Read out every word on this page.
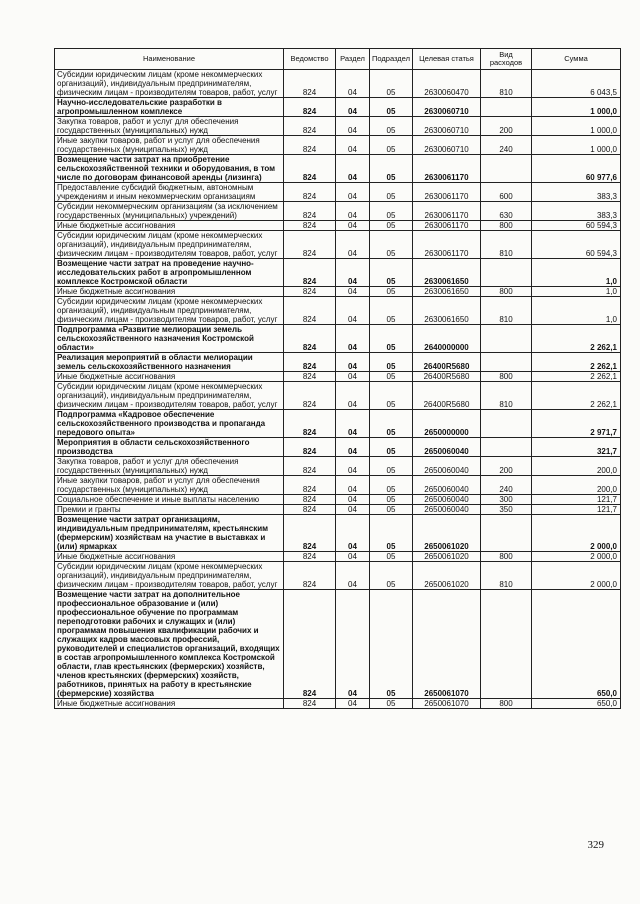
Наименование	Ведомство	Раздел	Подраздел	Целевая статья	Вид расходов	Сумма
Субсидии юридическим лицам (кроме некоммерческих организаций), индивидуальным предпринимателям, физическим лицам - производителям товаров, работ, услуг	824	04	05	2630060470	810	6 043,5
Научно-исследовательские разработки в агропромышленном комплексе	824	04	05	2630060710		1 000,0
Закупка товаров, работ и услуг для обеспечения государственных (муниципальных) нужд	824	04	05	2630060710	200	1 000,0
Иные закупки товаров, работ и услуг для обеспечения государственных (муниципальных) нужд	824	04	05	2630060710	240	1 000,0
Возмещение части затрат на приобретение сельскохозяйственной техники и оборудования, в том числе по договорам финансовой аренды (лизинга)	824	04	05	2630061170		60 977,6
Предоставление субсидий бюджетным, автономным учреждениям и иным некоммерческим организациям	824	04	05	2630061170	600	383,3
Субсидии некоммерческим организациям (за исключением государственных (муниципальных) учреждений)	824	04	05	2630061170	630	383,3
Иные бюджетные ассигнования	824	04	05	2630061170	800	60 594,3
Субсидии юридическим лицам (кроме некоммерческих организаций), индивидуальным предпринимателям, физическим лицам - производителям товаров, работ, услуг	824	04	05	2630061170	810	60 594,3
Возмещение части затрат на проведение научно-исследовательских работ в агропромышленном комплексе Костромской области	824	04	05	2630061650		1,0
Иные бюджетные ассигнования	824	04	05	2630061650	800	1,0
Субсидии юридическим лицам (кроме некоммерческих организаций), индивидуальным предпринимателям, физическим лицам - производителям товаров, работ, услуг	824	04	05	2630061650	810	1,0
Подпрограмма «Развитие мелиорации земель сельскохозяйственного назначения Костромской области»	824	04	05	2640000000		2 262,1
Реализация мероприятий в области мелиорации земель сельскохозяйственного назначения	824	04	05	26400R5680		2 262,1
Иные бюджетные ассигнования	824	04	05	26400R5680	800	2 262,1
Субсидии юридическим лицам (кроме некоммерческих организаций), индивидуальным предпринимателям, физическим лицам - производителям товаров, работ, услуг	824	04	05	26400R5680	810	2 262,1
Подпрограмма «Кадровое обеспечение сельскохозяйственного производства и пропаганда передового опыта»	824	04	05	2650000000		2 971,7
Мероприятия в области сельскохозяйственного производства	824	04	05	2650060040		321,7
Закупка товаров, работ и услуг для обеспечения государственных (муниципальных) нужд	824	04	05	2650060040	200	200,0
Иные закупки товаров, работ и услуг для обеспечения государственных (муниципальных) нужд	824	04	05	2650060040	240	200,0
Социальное обеспечение и иные выплаты населению	824	04	05	2650060040	300	121,7
Премии и гранты	824	04	05	2650060040	350	121,7
Возмещение части затрат организациям, индивидуальным предпринимателям, крестьянским (фермерским) хозяйствам на участие в выставках и (или) ярмарках	824	04	05	2650061020		2 000,0
Иные бюджетные ассигнования	824	04	05	2650061020	800	2 000,0
Субсидии юридическим лицам (кроме некоммерческих организаций), индивидуальным предпринимателям, физическим лицам - производителям товаров, работ, услуг	824	04	05	2650061020	810	2 000,0
Возмещение части затрат на дополнительное профессиональное образование и (или) профессиональное обучение по программам переподготовки рабочих и служащих и (или) программам повышения квалификации рабочих и служащих кадров массовых профессий, руководителей и специалистов организаций, входящих в состав агропромышленного комплекса Костромской области, глав крестьянских (фермерских) хозяйств, членов крестьянских (фермерских) хозяйств, работников, принятых на работу в крестьянские (фермерские) хозяйства	824	04	05	2650061070		650,0
Иные бюджетные ассигнования	824	04	05	2650061070	800	650,0
329
